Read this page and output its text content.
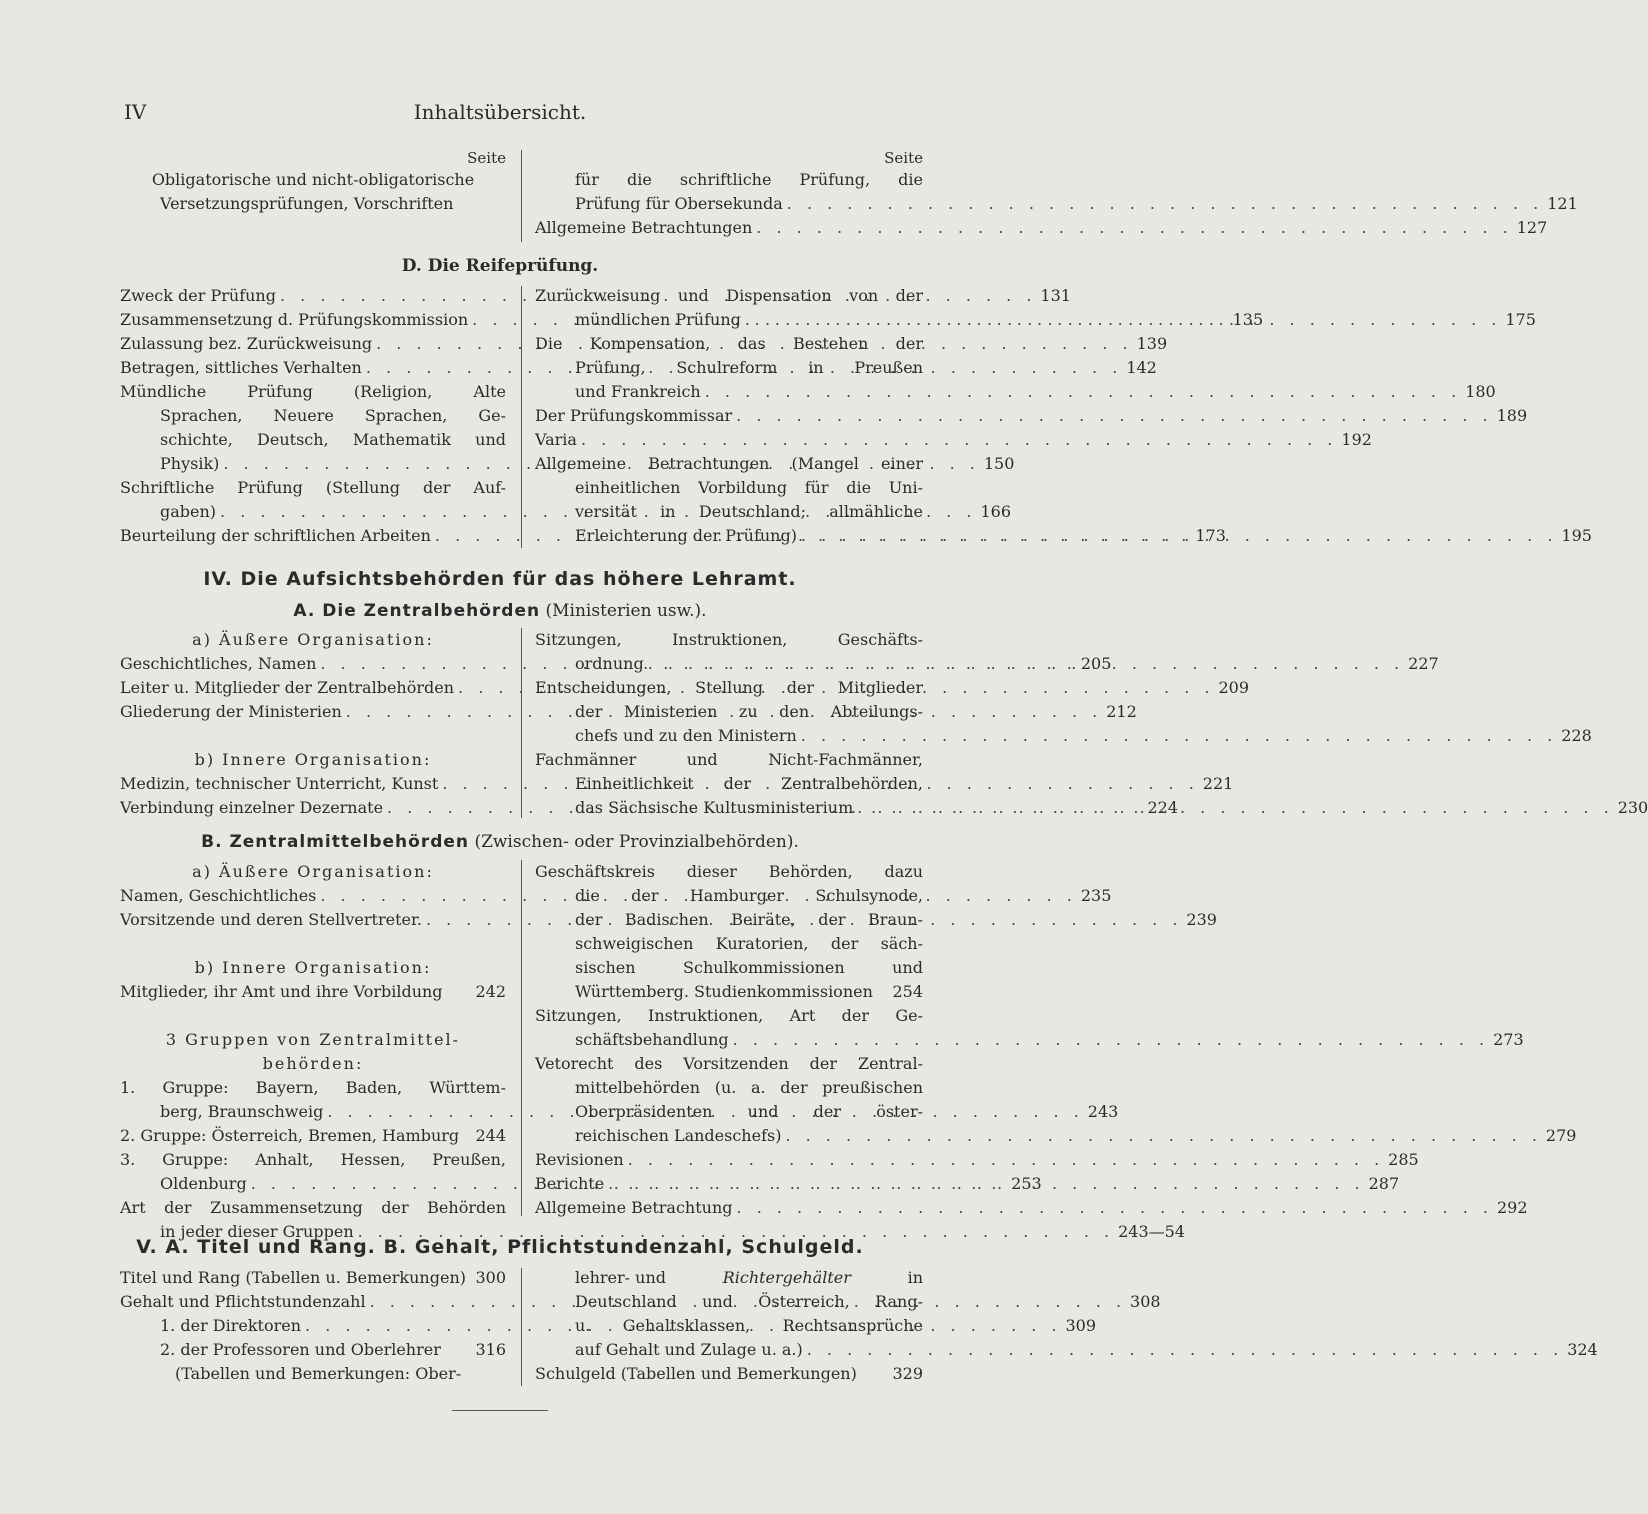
IV	Inhaltsübersicht.
Seite
Obligatorische und nicht-obligatorische
Versetzungsprüfungen, Vorschriften
Seite
für die schriftliche Prüfung, die
Prüfung für Obersekunda . . .	121
Allgemeine Betrachtungen . . .	127
D. Die Reifeprüfung.
Zweck der Prüfung . . .	131
Zusammensetzung d. Prüfungskommission . . .	135
Zulassung bez. Zurückweisung . . .	139
Betragen, sittliches Verhalten . . .	142
Mündliche Prüfung (Religion, Alte
Sprachen, Neuere Sprachen, Ge-
schichte, Deutsch, Mathematik und
Physik) . . .	150
Schriftliche Prüfung (Stellung der Auf-
gaben) . . .	166
Beurteilung der schriftlichen Arbeiten . . .	173
Zurückweisung und Dispensation von der
mündlichen Prüfung . . .	175
Die Kompensation, das Bestehen der
Prüfung, Schulreform in Preußen
und Frankreich . . .	180
Der Prüfungskommissar . . .	189
Varia . . .	192
Allgemeine Betrachtungen (Mangel einer
einheitlichen Vorbildung für die Uni-
versität in Deutschland; allmähliche
Erleichterung der Prüfung) . . .	195
IV. Die Aufsichtsbehörden für das höhere Lehramt.
A. Die Zentralbehörden (Ministerien usw.).
a) Äußere Organisation:
Geschichtliches, Namen . . .	205
Leiter u. Mitglieder der Zentralbehörden . . .	209
Gliederung der Ministerien . . .	212
b) Innere Organisation:
Medizin, technischer Unterricht, Kunst . . .	221
Verbindung einzelner Dezernate . . .	224
Sitzungen, Instruktionen, Geschäfts-
ordnung . . .	227
Entscheidungen, Stellung der Mitglieder
der Ministerien zu den Abteilungs-
chefs und zu den Ministern . . .	228
Fachmänner und Nicht-Fachmänner,
Einheitlichkeit der Zentralbehörden,
das Sächsische Kultusministerium . . .	230
B. Zentralmittelbehörden (Zwischen- oder Provinzialbehörden).
a) Äußere Organisation:
Namen, Geschichtliches . . .	235
Vorsitzende und deren Stellvertreter. . . .	239
b) Innere Organisation:
Mitglieder, ihr Amt und ihre Vorbildung 242
3 Gruppen von Zentralmittel-
behörden:
1. Gruppe: Bayern, Baden, Württem-
berg, Braunschweig . . .	243
2. Gruppe: Österreich, Bremen, Hamburg 244
3. Gruppe: Anhalt, Hessen, Preußen,
Oldenburg . . .	253
Art der Zusammensetzung der Behörden
in jeder dieser Gruppen . . .	243—54
Geschäftskreis dieser Behörden, dazu
die der Hamburger Schulsynode,
der Badischen Beiräte, der Braun-
schweigischen Kuratorien, der säch-
sischen Schulkommissionen und
Württemberg. Studienkommissionen 254
Sitzungen, Instruktionen, Art der Ge-
schäftsbehandlung . . .	273
Vetorecht des Vorsitzenden der Zentral-
mittelbehörden (u. a. der preußischen
Oberpräsidenten und der öster-
reichischen Landeschefs) . . .	279
Revisionen . . .	285
Berichte . . .	287
Allgemeine Betrachtung . . .	292
V. A. Titel und Rang. B. Gehalt, Pflichtstundenzahl, Schulgeld.
Titel und Rang (Tabellen u. Bemerkungen) 300
Gehalt und Pflichtstundenzahl . . .	308
1. der Direktoren . . .	309
2. der Professoren und Oberlehrer 316
(Tabellen und Bemerkungen: Ober-
lehrer- und	Richtergehälter	in
Deutschland und Österreich, Rang-
u. Gehaltsklassen, Rechtsansprüche
auf Gehalt und Zulage u. a.) . . .	324
Schulgeld (Tabellen und Bemerkungen) 329
